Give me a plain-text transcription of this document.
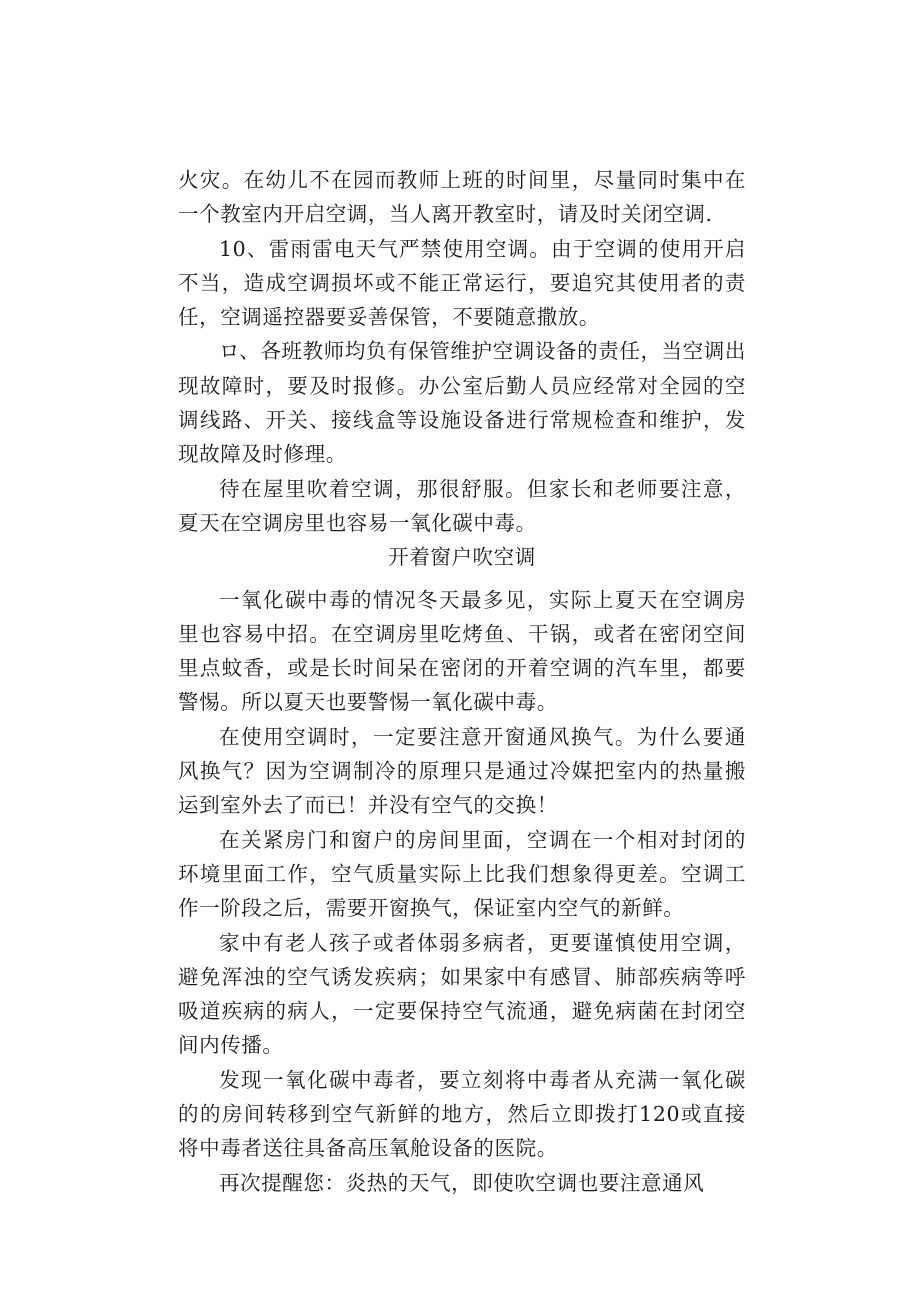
火灾。在幼儿不在园而教师上班的时间里，尽量同时集中在一个教室内开启空调，当人离开教室时，请及时关闭空调.

10、雷雨雷电天气严禁使用空调。由于空调的使用开启不当，造成空调损坏或不能正常运行，要追究其使用者的责任，空调遥控器要妥善保管，不要随意撒放。

ロ、各班教师均负有保管维护空调设备的责任，当空调出现故障时，要及时报修。办公室后勤人员应经常对全园的空调线路、开关、接线盒等设施设备进行常规检查和维护，发现故障及时修理。

待在屋里吹着空调，那很舒服。但家长和老师要注意，夏天在空调房里也容易一氧化碳中毒。

开着窗户吹空调

一氧化碳中毒的情况冬天最多见，实际上夏天在空调房里也容易中招。在空调房里吃烤鱼、干锅，或者在密闭空间里点蚊香，或是长时间呆在密闭的开着空调的汽车里，都要警惕。所以夏天也要警惕一氧化碳中毒。

在使用空调时，一定要注意开窗通风换气。为什么要通风换气？因为空调制冷的原理只是通过冷媒把室内的热量搬运到室外去了而已！并没有空气的交换！

在关紧房门和窗户的房间里面，空调在一个相对封闭的环境里面工作，空气质量实际上比我们想象得更差。空调工作一阶段之后，需要开窗换气，保证室内空气的新鲜。

家中有老人孩子或者体弱多病者，更要谨慎使用空调，避免浑浊的空气诱发疾病；如果家中有感冒、肺部疾病等呼吸道疾病的病人，一定要保持空气流通，避免病菌在封闭空间内传播。

发现一氧化碳中毒者，要立刻将中毒者从充满一氧化碳的的房间转移到空气新鲜的地方，然后立即拨打120或直接将中毒者送往具备高压氧舱设备的医院。

再次提醒您：炎热的天气，即使吹空调也要注意通风
